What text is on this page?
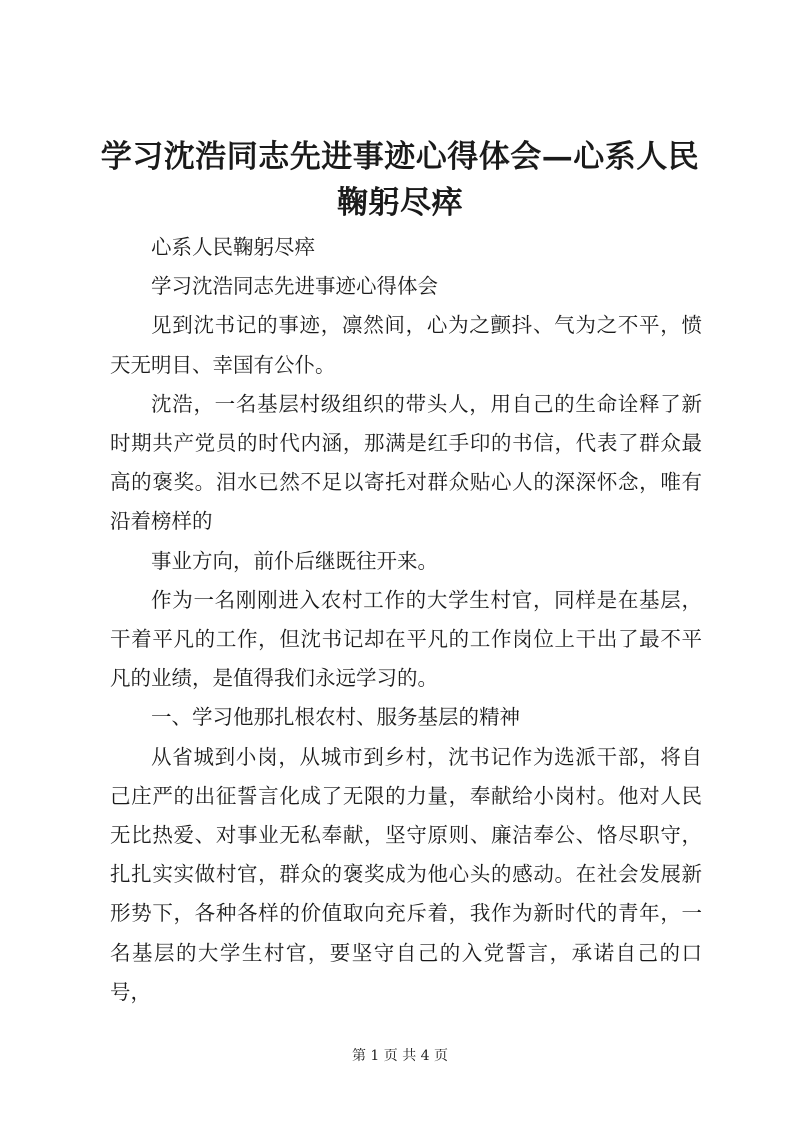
学习沈浩同志先进事迹心得体会—心系人民鞠躬尽瘁

心系人民鞠躬尽瘁

学习沈浩同志先进事迹心得体会

见到沈书记的事迹，凛然间，心为之颤抖、气为之不平，愤天无明目、幸国有公仆。

沈浩，一名基层村级组织的带头人，用自己的生命诠释了新时期共产党员的时代内涵，那满是红手印的书信，代表了群众最高的褒奖。泪水已然不足以寄托对群众贴心人的深深怀念，唯有沿着榜样的

事业方向，前仆后继既往开来。

作为一名刚刚进入农村工作的大学生村官，同样是在基层，干着平凡的工作，但沈书记却在平凡的工作岗位上干出了最不平凡的业绩，是值得我们永远学习的。

一、学习他那扎根农村、服务基层的精神

从省城到小岗，从城市到乡村，沈书记作为选派干部，将自己庄严的出征誓言化成了无限的力量，奉献给小岗村。他对人民无比热爱、对事业无私奉献，坚守原则、廉洁奉公、恪尽职守，扎扎实实做村官，群众的褒奖成为他心头的感动。在社会发展新形势下，各种各样的价值取向充斥着，我作为新时代的青年，一名基层的大学生村官，要坚守自己的入党誓言，承诺自己的口号，

第 1 页 共 4 页
